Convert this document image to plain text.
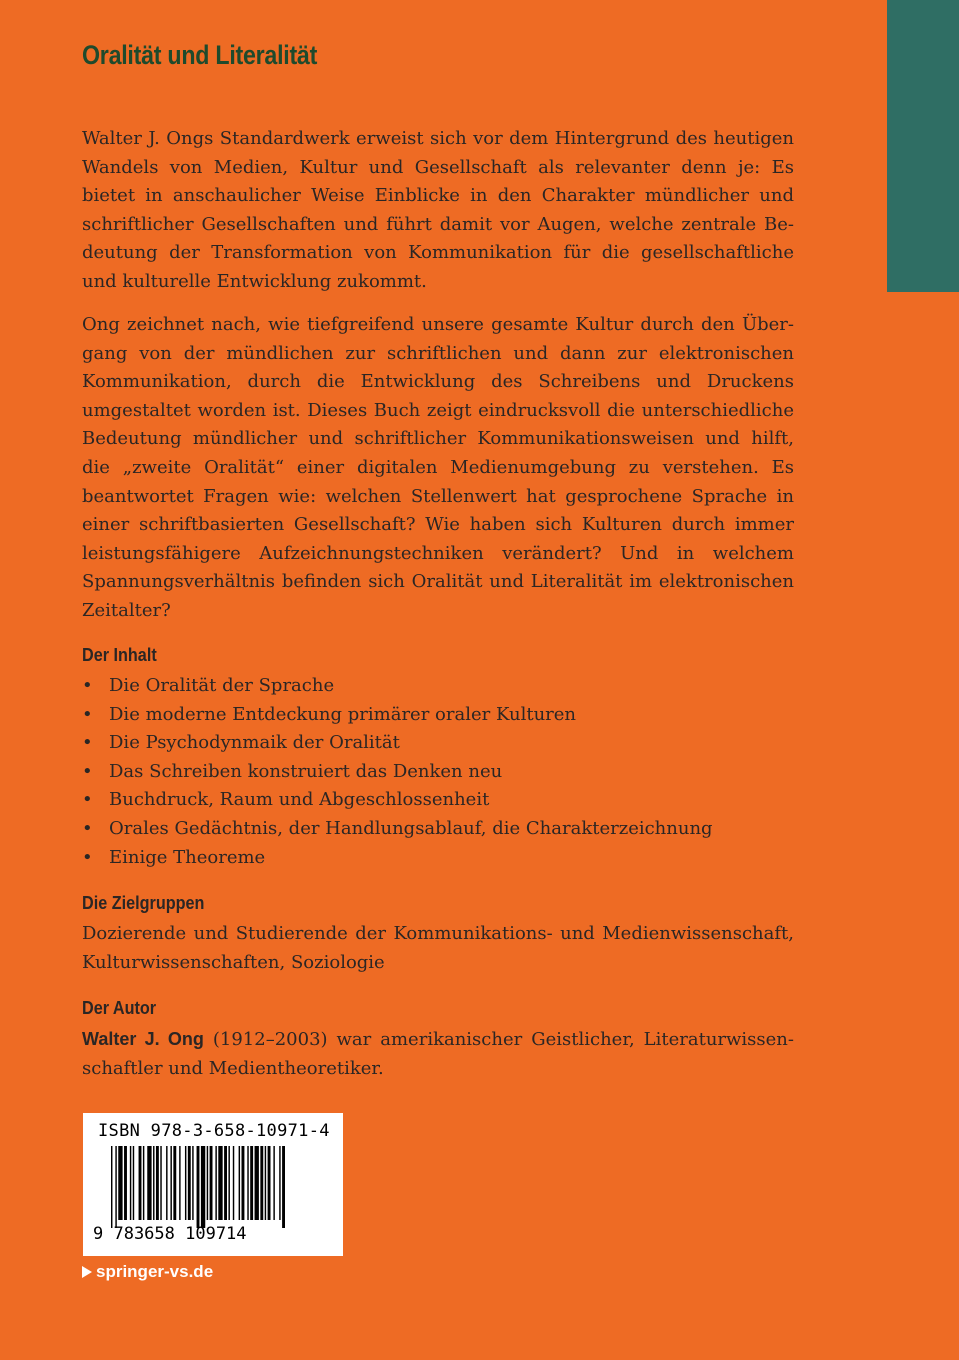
Oralität und Literalität

Walter J. Ongs Standardwerk erweist sich vor dem Hintergrund des heutigen Wandels von Medien, Kultur und Gesellschaft als relevanter denn je: Es bietet in anschaulicher Weise Einblicke in den Charakter mündlicher und schriftlicher Gesellschaften und führt damit vor Augen, welche zentrale Bedeutung der Transformation von Kommunikation für die gesellschaftliche und kulturelle Entwicklung zukommt.

Ong zeichnet nach, wie tiefgreifend unsere gesamte Kultur durch den Übergang von der mündlichen zur schriftlichen und dann zur elektronischen Kommunikation, durch die Entwicklung des Schreibens und Druckens umgestaltet worden ist. Dieses Buch zeigt eindrucksvoll die unterschiedliche Bedeutung mündlicher und schriftlicher Kommunikationsweisen und hilft, die „zweite Oralität“ einer digitalen Medienumgebung zu verstehen. Es beantwortet Fragen wie: welchen Stellenwert hat gesprochene Sprache in einer schriftbasierten Gesellschaft? Wie haben sich Kulturen durch immer leistungsfähigere Aufzeichnungstechniken verändert? Und in welchem Spannungsverhältnis befinden sich Oralität und Literalität im elektronischen Zeitalter?

Der Inhalt
• Die Oralität der Sprache
• Die moderne Entdeckung primärer oraler Kulturen
• Die Psychodynmaik der Oralität
• Das Schreiben konstruiert das Denken neu
• Buchdruck, Raum und Abgeschlossenheit
• Orales Gedächtnis, der Handlungsablauf, die Charakterzeichnung
• Einige Theoreme
Die Zielgruppen

Dozierende und Studierende der Kommunikations- und Medienwissenschaft, Kulturwissenschaften, Soziologie

Der Autor

Walter J. Ong (1912–2003) war amerikanischer Geistlicher, Literaturwissenschaftler und Medientheoretiker.

ISBN 978-3-658-10971-4
9 783658 109714
springer-vs.de
